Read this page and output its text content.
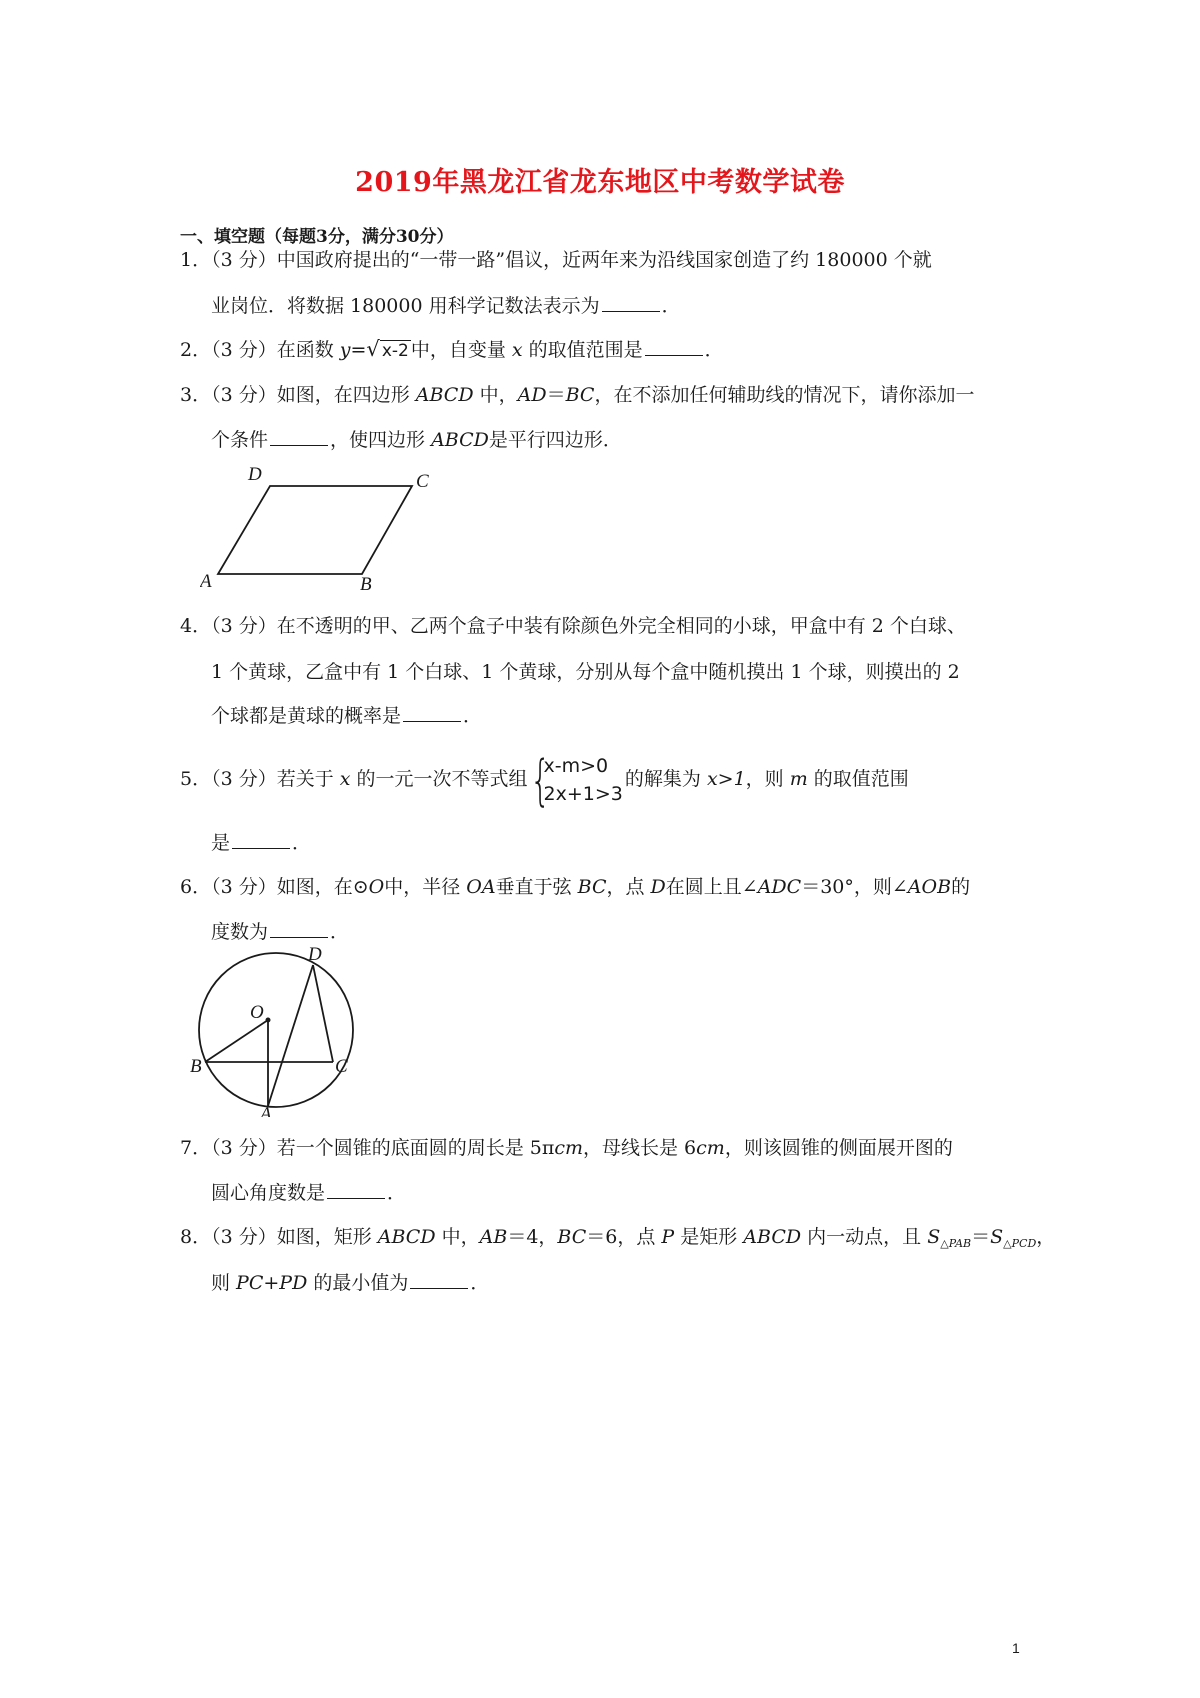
2019年黑龙江省龙东地区中考数学试卷
一、填空题（每题3分，满分30分）
1．（3 分）中国政府提出的“一带一路”倡议，近两年来为沿线国家创造了约 180000 个就
业岗位．将数据 180000 用科学记数法表示为	．
2．（3 分）在函数 y=√ x-2 中，自变量 x 的取值范围是	．
3．（3 分）如图，在四边形 ABCD 中，AD＝BC，在不添加任何辅助线的情况下，请你添加一
个条件	，使四边形 ABCD是平行四边形．
D	C
A	B
4．（3 分）在不透明的甲、乙两个盒子中装有除颜色外完全相同的小球，甲盒中有 2 个白球、
1 个黄球，乙盒中有 1 个白球、1 个黄球，分别从每个盒中随机摸出 1 个球，则摸出的 2
个球都是黄球的概率是	．
5．（3 分）若关于 x 的一元一次不等式组 {
x-m>0
2x+1>3
的解集为 x>1，则 m 的取值范围
是	．
6．（3 分）如图，在⊙O中，半径 OA垂直于弦 BC，点 D在圆上且∠ADC＝30°，则∠AOB的
度数为	．
O
D
B	C
A
7．（3 分）若一个圆锥的底面圆的周长是 5πcm，母线长是 6cm，则该圆锥的侧面展开图的
圆心角度数是	．
8．（3 分）如图，矩形 ABCD 中，AB＝4，BC＝6，点 P 是矩形 ABCD 内一动点，且 $S_{\triangle PAB}=S_{\triangle PCD}$，
则 PC+PD 的最小值为	．
1
